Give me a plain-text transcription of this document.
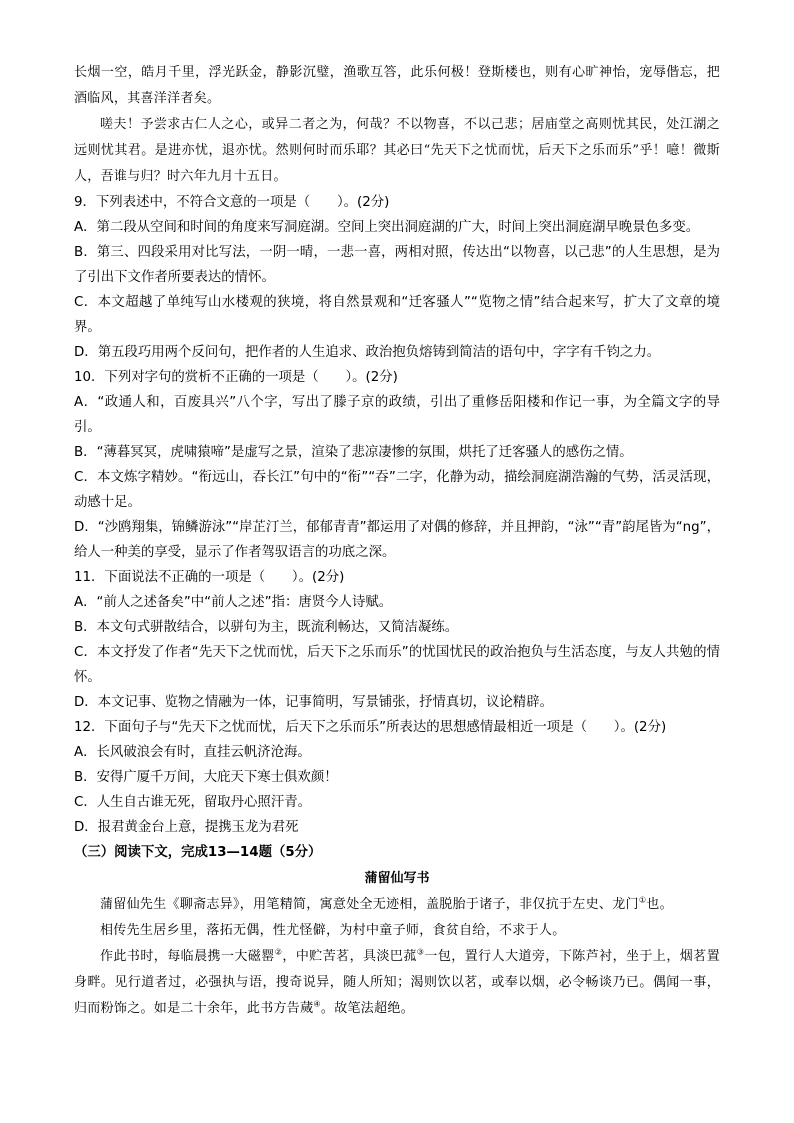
长烟一空，皓月千里，浮光跃金，静影沉璧，渔歌互答，此乐何极！登斯楼也，则有心旷神怡，宠辱偕忘，把酒临风，其喜洋洋者矣。

嗟夫！予尝求古仁人之心，或异二者之为，何哉？不以物喜，不以己悲；居庙堂之高则忧其民，处江湖之远则忧其君。是进亦忧，退亦忧。然则何时而乐耶？其必曰“先天下之忧而忧，后天下之乐而乐”乎！噫！微斯人，吾谁与归？时六年九月十五日。

9．下列表述中，不符合文意的一项是（　　）。(2分)

A．第二段从空间和时间的角度来写洞庭湖。空间上突出洞庭湖的广大，时间上突出洞庭湖早晚景色多变。

B．第三、四段采用对比写法，一阴一晴，一悲一喜，两相对照，传达出“以物喜，以己悲”的人生思想，是为了引出下文作者所要表达的情怀。

C．本文超越了单纯写山水楼观的狭境，将自然景观和“迁客骚人”“览物之情”结合起来写，扩大了文章的境界。

D．第五段巧用两个反问句，把作者的人生追求、政治抱负熔铸到简洁的语句中，字字有千钧之力。

10．下列对字句的赏析不正确的一项是（　　）。(2分)

A．“政通人和，百废具兴”八个字，写出了滕子京的政绩，引出了重修岳阳楼和作记一事，为全篇文字的导引。

B．“薄暮冥冥，虎啸猿啼”是虚写之景，渲染了悲凉凄惨的氛围，烘托了迁客骚人的感伤之情。

C．本文炼字精妙。“衔远山，吞长江”句中的“衔”“吞”二字，化静为动，描绘洞庭湖浩瀚的气势，活灵活现，动感十足。

D．“沙鸥翔集，锦鳞游泳”“岸芷汀兰，郁郁青青”都运用了对偶的修辞，并且押韵，“泳”“青”韵尾皆为“ng”，给人一种美的享受，显示了作者驾驭语言的功底之深。

11．下面说法不正确的一项是（　　）。(2分)

A．“前人之述备矣”中“前人之述”指：唐贤今人诗赋。

B．本文句式骈散结合，以骈句为主，既流利畅达，又简洁凝练。

C．本文抒发了作者“先天下之忧而忧，后天下之乐而乐”的忧国忧民的政治抱负与生活态度，与友人共勉的情怀。

D．本文记事、览物之情融为一体，记事简明，写景铺张，抒情真切，议论精辟。

12．下面句子与“先天下之忧而忧，后天下之乐而乐”所表达的思想感情最相近一项是（　　）。(2分)

A．长风破浪会有时，直挂云帆济沧海。

B．安得广厦千万间，大庇天下寒士俱欢颜！

C．人生自古谁无死，留取丹心照汗青。

D．报君黄金台上意，提携玉龙为君死

（三）阅读下文，完成13—14题（5分）

蒲留仙写书

蒲留仙先生《聊斋志异》，用笔精简，寓意处全无迹相，盖脱胎于诸子，非仅抗于左史、龙门①也。

相传先生居乡里，落拓无偶，性尤怪僻，为村中童子师，食贫自给，不求于人。

作此书时，每临晨携一大磁罂②，中贮苦茗，具淡巴菰③一包，置行人大道旁，下陈芦衬，坐于上，烟茗置身畔。见行道者过，必强执与语，搜奇说异，随人所知；渴则饮以茗，或奉以烟，必令畅谈乃已。偶闻一事，归而粉饰之。如是二十余年，此书方告蒇④。故笔法超绝。
